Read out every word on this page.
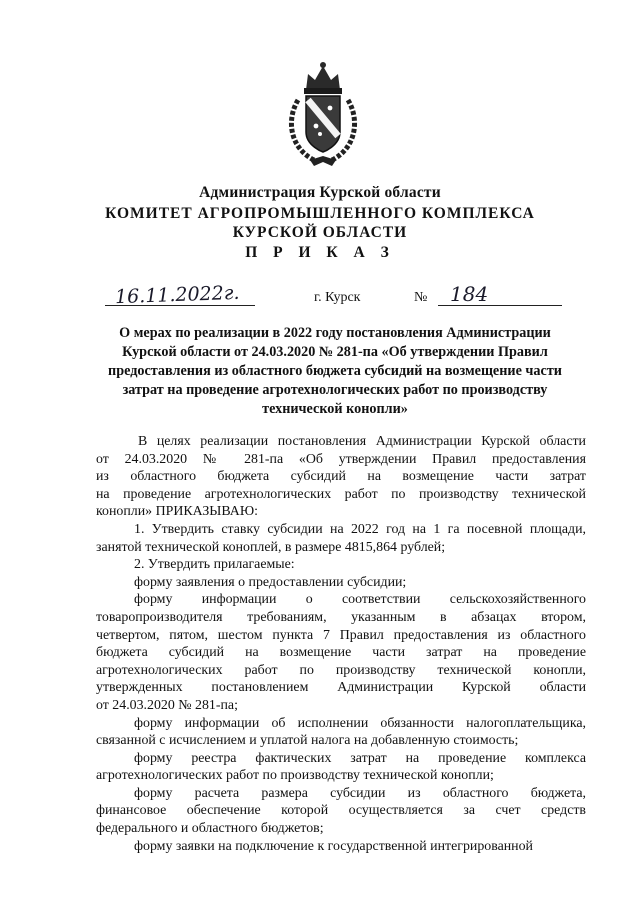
Администрация Курской области
КОМИТЕТ АГРОПРОМЫШЛЕННОГО КОМПЛЕКСА
КУРСКОЙ ОБЛАСТИ
П Р И К А З
16.11.2022г.	г. Курск	№ 184
О мерах по реализации в 2022 году постановления Администрации
Курской области от 24.03.2020 № 281-па «Об утверждении Правил
предоставления из областного бюджета субсидий на возмещение части
затрат на проведение агротехнологических работ по производству
технической конопли»
В целях реализации постановления Администрации Курской области
от 24.03.2020 № 281-па «Об утверждении Правил предоставления
из областного бюджета субсидий на возмещение части затрат
на проведение агротехнологических работ по производству технической
конопли» ПРИКАЗЫВАЮ:
1. Утвердить ставку субсидии на 2022 год на 1 га посевной площади,
занятой технической коноплей, в размере 4815,864 рублей;
2. Утвердить прилагаемые:
форму заявления о предоставлении субсидии;
форму информации о соответствии сельскохозяйственного
товаропроизводителя требованиям, указанным в абзацах втором,
четвертом, пятом, шестом пункта 7 Правил предоставления из областного
бюджета субсидий на возмещение части затрат на проведение
агротехнологических работ по производству технической конопли,
утвержденных постановлением Администрации Курской области
от 24.03.2020 № 281-па;
форму информации об исполнении обязанности налогоплательщика,
связанной с исчислением и уплатой налога на добавленную стоимость;
форму реестра фактических затрат на проведение комплекса
агротехнологических работ по производству технической конопли;
форму расчета размера субсидии из областного бюджета,
финансовое обеспечение которой осуществляется за счет средств
федерального и областного бюджетов;
форму заявки на подключение к государственной интегрированной
